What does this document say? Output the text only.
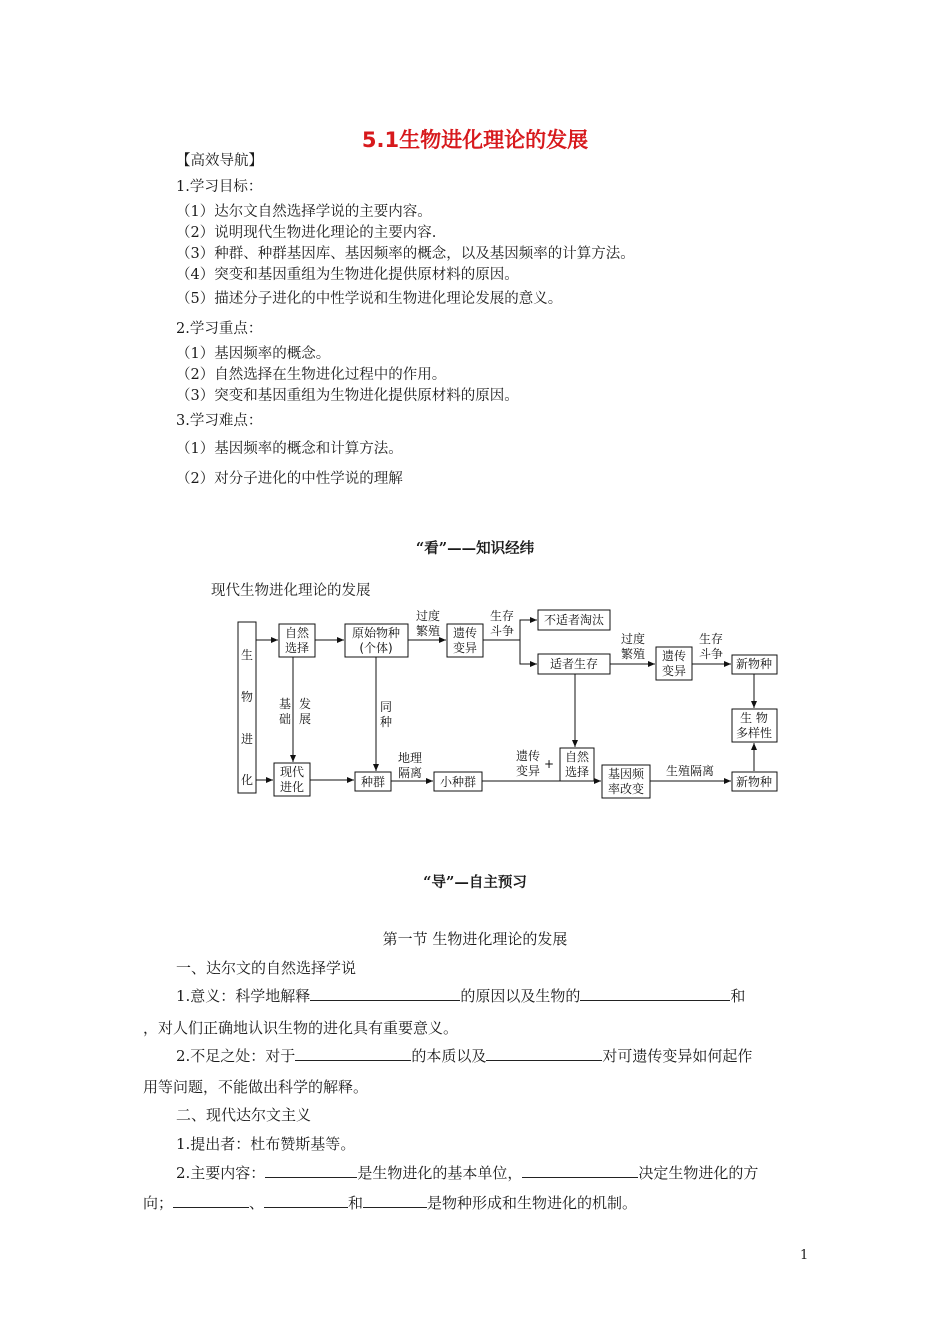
5.1生物进化理论的发展
【高效导航】
1.学习目标：
（1）达尔文自然选择学说的主要内容。
（2）说明现代生物进化理论的主要内容.
（3）种群、种群基因库、基因频率的概念，以及基因频率的计算方法。
（4）突变和基因重组为生物进化提供原材料的原因。
（5）描述分子进化的中性学说和生物进化理论发展的意义。
2.学习重点：
（1）基因频率的概念。
（2）自然选择在生物进化过程中的作用。
（3）突变和基因重组为生物进化提供原材料的原因。
3.学习难点：
（1）基因频率的概念和计算方法。
（2）对分子进化的中性学说的理解
“看”——知识经纬
现代生物进化理论的发展
生
物
进
化
自然
选择
原始物种
(个体)
过度
繁殖 遗传
变异
生存
斗争
不适者淘汰
适者生存
过度
繁殖 遗传
变异
生存
斗争
新物种
生 物
多样性
基
础
发
展
同
种
现代
进化	种群
地理
隔离
小种群
遗传
变异 + 自然
选择 基因频
率改变
生殖隔离
新物种
“导”—自主预习
第一节 生物进化理论的发展
一、达尔文的自然选择学说
1.意义：科学地解释	的原因以及生物的	和
，对人们正确地认识生物的进化具有重要意义。
2.不足之处：对于	的本质以及	对可遗传变异如何起作
用等问题，不能做出科学的解释。
二、现代达尔文主义
1.提出者：杜布赞斯基等。
2.主要内容：	是生物进化的基本单位，	决定生物进化的方
向；	、	和	是物种形成和生物进化的机制。
1
